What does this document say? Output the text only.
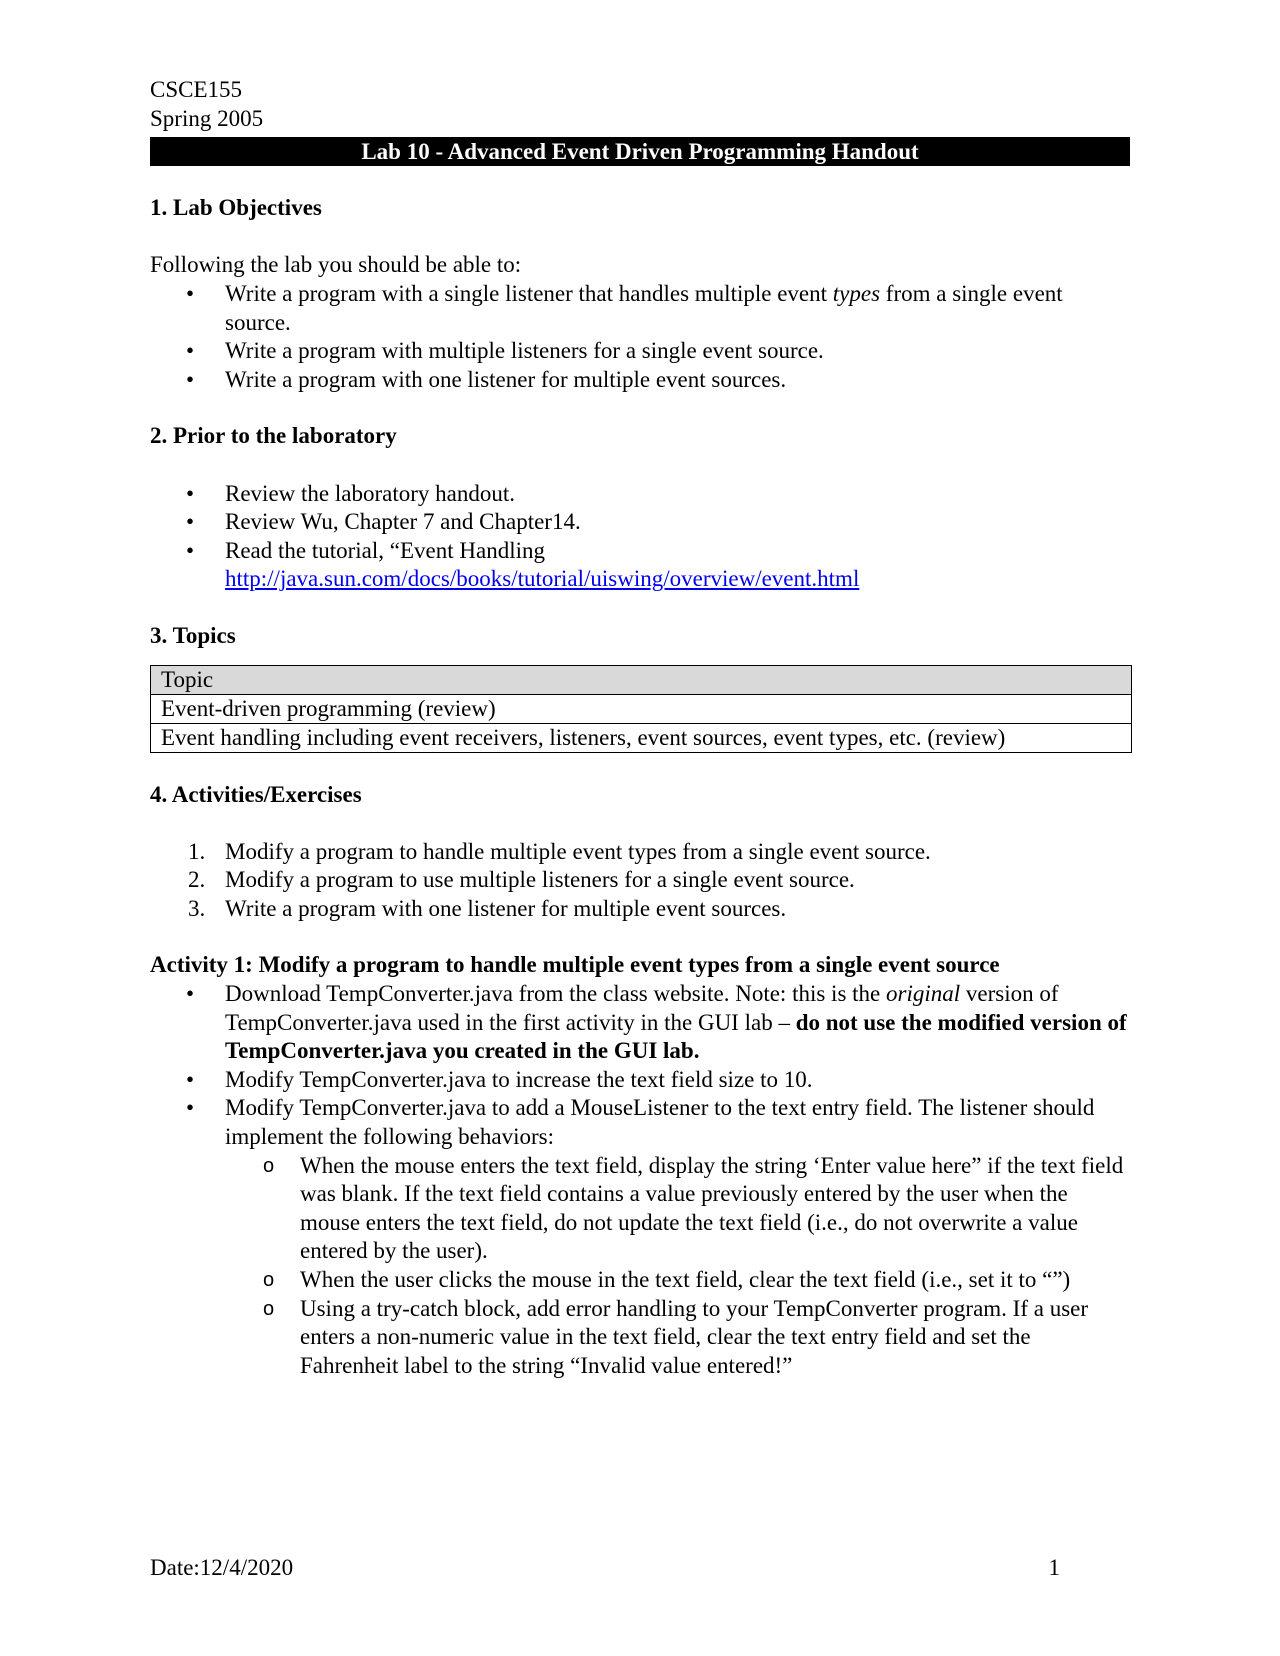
CSCE155
Spring 2005
Lab 10 - Advanced Event Driven Programming Handout
1. Lab Objectives

Following the lab you should be able to:

•	Write a program with a single listener that handles multiple event types from a single event source.
•	Write a program with multiple listeners for a single event source.
•	Write a program with one listener for multiple event sources.
2. Prior to the laboratory
•	Review the laboratory handout.
•	Review Wu, Chapter 7 and Chapter14.
•	Read the tutorial, “Event Handling
http://java.sun.com/docs/books/tutorial/uiswing/overview/event.html
3. Topics
Topic
Event-driven programming (review)
Event handling including event receivers, listeners, event sources, event types, etc. (review)
4. Activities/Exercises
1. Modify a program to handle multiple event types from a single event source.
2. Modify a program to use multiple listeners for a single event source.
3. Write a program with one listener for multiple event sources.
Activity 1: Modify a program to handle multiple event types from a single event source
•	Download TempConverter.java from the class website. Note: this is the original version of TempConverter.java used in the first activity in the GUI lab – do not use the modified version of TempConverter.java you created in the GUI lab.
•	Modify TempConverter.java to increase the text field size to 10.
•	Modify TempConverter.java to add a MouseListener to the text entry field. The listener should implement the following behaviors:
o When the mouse enters the text field, display the string ‘Enter value here” if the text field was blank. If the text field contains a value previously entered by the user when the mouse enters the text field, do not update the text field (i.e., do not overwrite a value entered by the user).
o When the user clicks the mouse in the text field, clear the text field (i.e., set it to “”)
o Using a try-catch block, add error handling to your TempConverter program. If a user enters a non-numeric value in the text field, clear the text entry field and set the Fahrenheit label to the string “Invalid value entered!”
Date:12/4/2020	1
